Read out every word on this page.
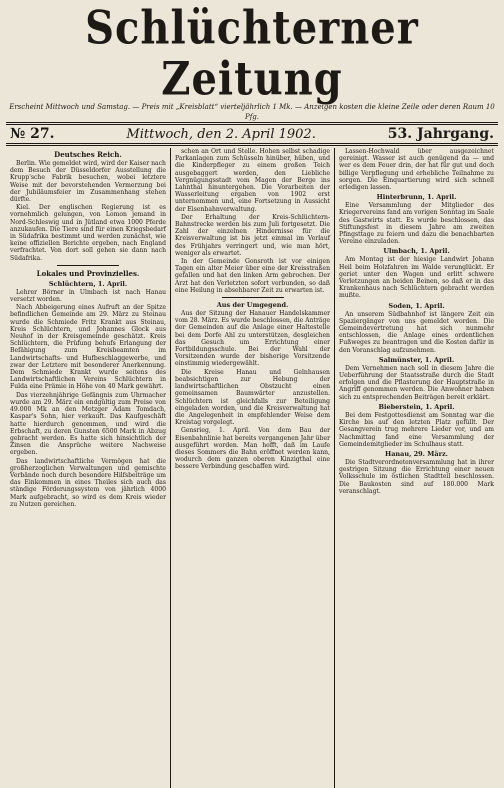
Schlüchterner Zeitung
Erscheint Mittwoch und Samstag. — Preis mit „Kreisblatt“ vierteljährlich 1 Mk. — Anzeigen kosten die kleine Zeile oder deren Raum 10 Pfg.
№ 27.	Mittwoch, den 2. April 1902.	53. Jahrgang.
Deutsches Reich.

Berlin. Wie gemeldet wird, wird der Kaiser nach dem Besuch der Düsseldorfer Ausstellung die Krupp'sche Fabrik besuchen, wobei letztere Weise mit der bevorstehenden Vermerzung bei der Jubiläumsfeier im Zusammenhang stehen dürfte.

Kiel. Der englischen Regierung ist es vornehmlich gelungen, von Lomon jemand in Nord-Schleswig und in Jütland etwa 1000 Pferde anzukaufen. Die Tiere sind für einen Kriegsbedarf in Südafrika bestimmt und werden zunächst, wie keine offiziellen Berichte ergeben, nach England verfrachtet. Von dort soll gehen sie dann nach Südafrika.

Lokales und Provinzielles.
Schlüchtern, 1. April.

Lehrer Börner in Ulmbach ist nach Hanau versetzt worden.

Nach Abbeigerung eines Aufruft an der Spitze befindlichen Gemeinde am 29. März zu Steinau wurde die Schmiede Fritz Krankt aus Steinau, Kreis Schlüchtern, und Johannes Glock aus Neuhof in der Kreisgemeinde geschätzt. Kreis Schlüchtern, die Prüfung behufs Erlangung der Befähigung zum Kreisbeamten im Landwirtschafts- und Hufbeschlaggewerbe, und zwar der Letztere mit besonderer Anerkennung. Dem Schmiede Krankt wurde seitens des Landwirtschaftlichen Vereins Schlüchtern in Fulda eine Prämie in Höhe von 40 Mark gewährt.

Das vierzehnjährige Gefängnis zum Uhrmacher wurde am 29. März ein endgültig zum Preise von 49.000 Mk an den Metzger Adam Tomdach, Kaspar's Sohn, hier verkauft. Das Kaufgeschäft hatte hierdurch genommen, und wird die Erbschaft, zu deren Gunsten 6500 Mark in Abzug gebracht werden. Es hatte sich hinsichtlich der Zinsen die Ansprüche weitere Nachweise ergeben.

Das landwirtschaftliche Vermögen hat die großherzoglichen Verwaltungen und gemischte Verbände noch durch besondere Hilfsbeiträge um das Einkommen in eines Theiles sich auch das ständige Förderungssystem von jährlich 4000 Mark aufgebracht, so wird es dem Kreis wieder zu Nutzen gereichen.

schen an Ort und Stelle. Hohen selbst schadige Parkanlagen zum Schüsseln hinüber, hüben, und die Kinderpfleger zu einem großen Teich ausgebaggert werden, den Liebliche Vergnügungsstadt vom Magen der Berge ins Lahnthal hinuntergehen. Die Vorarbeiten der Wasserleitung ergaben von 1902 erst unternommen und, eine Fortsetzung in Aussicht der Eisenbahnverwaltung.

Der Erhaltung der Kreis-Schlüchtern-Bahnstrecke werden bis zum Juli fortgesetzt. Die Zahl der einzelnen Hindernisse für die Kreisverwaltung ist bis jetzt einmal im Verlauf des Frühjahrs verringert und, wie man hört, weniger als erwartet.

In der Gemeinde Gonsroth ist vor einigen Tagen ein alter Meier über eine der Kreisstraßen gefallen und hat den linken Arm gebrochen. Der Arzt hat den Verletzten sofort verbunden, so daß eine Heilung in absehbarer Zeit zu erwarten ist.

Aus der Umgegend.

Aus der Sitzung der Hanauer Handelskammer vom 28. März. Es wurde beschlossen, die Anträge der Gemeinden auf die Anlage einer Haltestelle bei dem Dorfe Ahl zu unterstützen, desgleichen das Gesuch um Errichtung einer Fortbildungsschule. Bei der Wahl der Vorsitzenden wurde der bisherige Vorsitzende einstimmig wiedergewählt.

Die Kreise Hanau und Gelnhausen beabsichtigen zur Hebung der landwirtschaftlichen Obstzucht einen gemeinsamen Baumwärter anzustellen. Schlüchtern ist gleichfalls zur Beteiligung eingeladen worden, und die Kreisverwaltung hat die Angelegenheit in empfehlender Weise dem Kreistag vorgelegt.

Gensrieg, 1. April. Von dem Bau der Eisenbahnlinie hat bereits vergangenen Jahr über ausgeführt worden. Man hofft, daß im Laufe dieses Sommers die Bahn eröffnet werden kann, wodurch dem ganzen oberen Kinzigthal eine bessere Verbindung geschaffen wird.

Lassen-Hochwald über ausgezeichnet gereinigt. Wasser ist auch genügend da — und wer es dem Feuer drin, der hat für gut und doch billige Verpflegung und erhebliche Teilnahme zu sorgen. Die Einquartierung wird sich schnell erledigen lassen.

Hinterbrunn, 1. April.

Eine Versammlung der Mitglieder des Kriegervereins fand am vorigen Sonntag im Saale des Gastwirts statt. Es wurde beschlossen, das Stiftungsfest in diesem Jahre am zweiten Pfingsttage zu feiern und dazu die benachbarten Vereine einzuladen.

Ulmbach, 1. April.

Am Montag ist der hiesige Landwirt Johann Heil beim Holzfahren im Walde verunglückt. Er geriet unter den Wagen und erlitt schwere Verletzungen an beiden Beinen, so daß er in das Krankenhaus nach Schlüchtern gebracht werden mußte.

Soden, 1. April.

An unserem Südbahnhof ist längere Zeit ein Spaziergänger von uns gemeldet worden. Die Gemeindevertretung hat sich nunmehr entschlossen, die Anlage eines ordentlichen Fußweges zu beantragen und die Kosten dafür in den Voranschlag aufzunehmen.

Salmünster, 1. April.

Dem Vernehmen nach soll in diesem Jahre die Ueberführung der Staatsstraße durch die Stadt erfolgen und die Pflasterung der Hauptstraße in Angriff genommen werden. Die Anwohner haben sich zu entsprechenden Beiträgen bereit erklärt.

Bieberstein, 1. April.

Bei dem Festgottesdienst am Sonntag war die Kirche bis auf den letzten Platz gefüllt. Der Gesangverein trug mehrere Lieder vor, und am Nachmittag fand eine Versammlung der Gemeindemitglieder im Schulhaus statt.

Hanau, 29. März.

Die Stadtverordnetenversammlung hat in ihrer gestrigen Sitzung die Errichtung einer neuen Volksschule im östlichen Stadtteil beschlossen. Die Baukosten sind auf 180.000 Mark veranschlagt.
